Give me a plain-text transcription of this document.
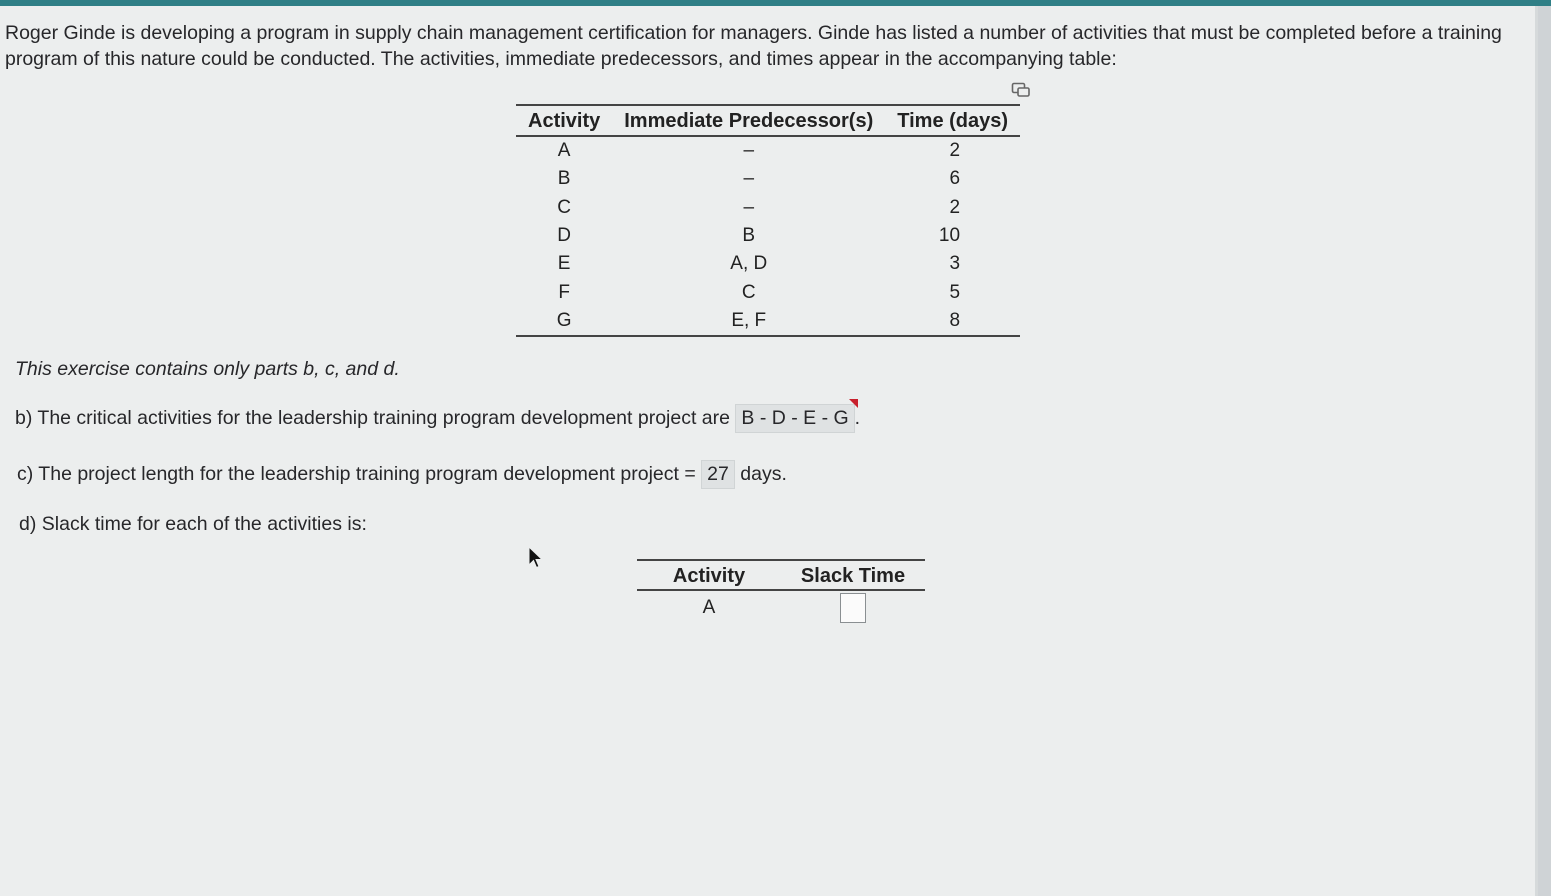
Roger Ginde is developing a program in supply chain management certification for managers. Ginde has listed a number of activities that must be completed before a training program of this nature could be conducted. The activities, immediate predecessors, and times appear in the accompanying table:
Activity	Immediate Predecessor(s)	Time (days)
A	–	2
B	–	6
C	–	2
D	B	10
E	A, D	3
F	C	5
G	E, F	8
This exercise contains only parts b, c, and d.
b) The critical activities for the leadership training program development project are B - D - E - G .
c) The project length for the leadership training program development project = 27 days.
d) Slack time for each of the activities is:
Activity	Slack Time
A	
